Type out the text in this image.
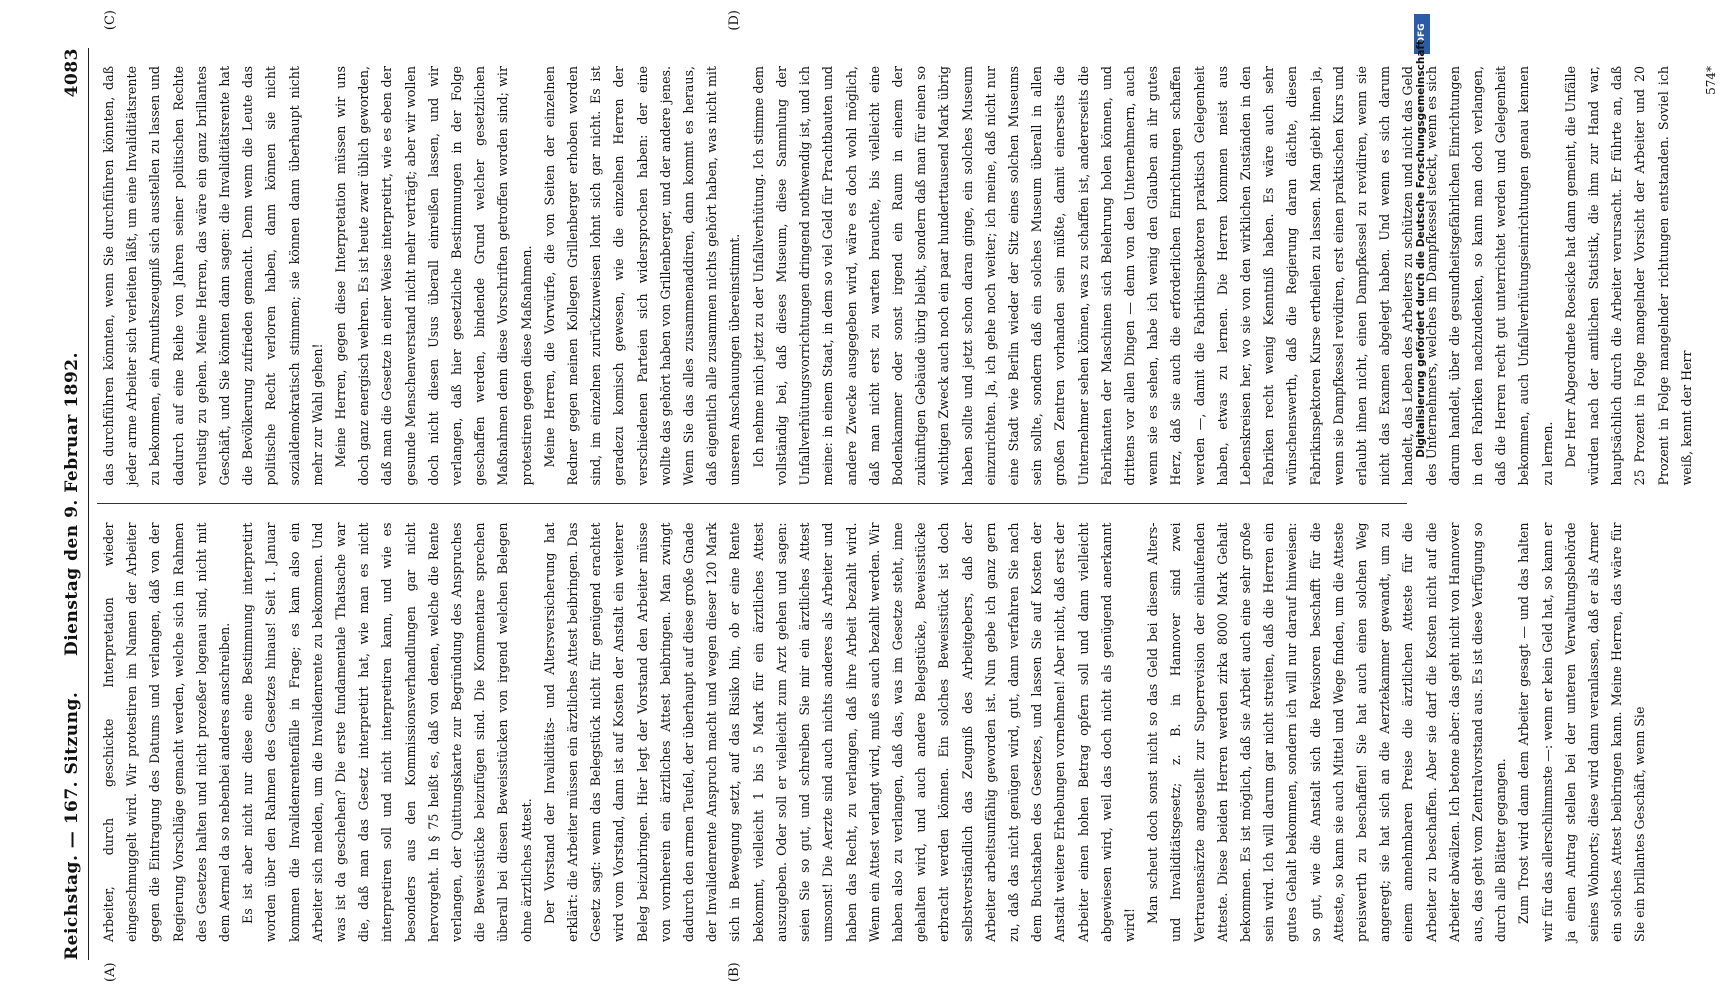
Reichstag. — 167. Sitzung.
Dienstag den 9. Februar 1892.
4083
(A)	(B)
(C)	(D)

Arbeiter, durch geschickte Interpretation wieder eingeschmuggelt wird. Wir protestiren im Namen der Arbeiter gegen die Eintragung des Datums und verlangen, daß von der Regierung Vorschläge gemacht werden, welche sich im Rahmen des Gesetzes halten und nicht prozeßer logenau sind, nicht mit dem Aermel da so nebenbei anderes anschreiben. Es ist aber nicht nur diese eine Bestimmung interpretirt worden über den Rahmen des Gesetzes hinaus! Seit 1. Januar kommen die Invalidenrentenfälle in Frage; es kam also ein Arbeiter sich melden, um die Invalidenrente zu bekommen. Und was ist da geschehen? Die erste fundamentale Thatsache war die, daß man das Gesetz interpretirt hat, wie man es nicht interpretiren soll und nicht interpretiren kann, und wie es besonders aus den Kommissionsverhandlungen gar nicht hervorgeht. In § 75 heißt es, daß von denen, welche die Rente verlangen, der Quittungskarte zur Begründung des Anspruches die Beweisstücke beizufügen sind. Die Kommentare sprechen überall bei diesen Beweisstücken von irgend welchen Belegen ohne ärztliches Attest. Der Vorstand der Invaliditäts- und Altersversicherung hat erklärt: die Arbeiter müssen ein ärztliches Attest beibringen. Das Gesetz sagt: wenn das Belegstück nicht für genügend erachtet wird vom Vorstand, dann ist auf Kosten der Anstalt ein weiterer Beleg beizubringen. Hier legt der Vorstand den Arbeiter müsse von vornherein ein ärztliches Attest beibringen. Man zwingt dadurch den armen Teufel, der überhaupt auf diese große Gnade der Invalidenrente Anspruch macht und wegen dieser 120 Mark sich in Bewegung setzt, auf das Risiko hin, ob er eine Rente bekommt, vielleicht 1 bis 5 Mark für ein ärztliches Attest auszugeben. Oder soll er vielleicht zum Arzt gehen und sagen: seien Sie so gut, und schreiben Sie mir ein ärztliches Attest umsonst! Die Aerzte sind auch nichts anderes als Arbeiter und haben das Recht, zu verlangen, daß ihre Arbeit bezahlt wird. Wenn ein Attest verlangt wird, muß es auch bezahlt werden. Wir haben also zu verlangen, daß das, was im Gesetze steht, inne gehalten wird, und auch andere Belegstücke, Beweisstücke erbracht werden können. Ein solches Beweisstück ist doch selbstverständlich das Zeugniß des Arbeitgebers, daß der Arbeiter arbeitsunfähig geworden ist. Nun gebe ich ganz gern zu, daß das nicht genügen wird, gut, dann verfahren Sie nach dem Buchstaben des Gesetzes, und lassen Sie auf Kosten der Anstalt weitere Erhebungen vornehmen! Aber nicht, daß erst der Arbeiter einen hohen Betrag opfern soll und dann vielleicht abgewiesen wird, weil das doch nicht als genügend anerkannt wird!

Man scheut doch sonst nicht so das Geld bei diesem Alters- und Invaliditätsgesetz; z. B. in Hannover sind zwei Vertrauensärzte angestellt zur Superrevision der einlaufenden Atteste. Diese beiden Herren werden zirka 8000 Mark Gehalt bekommen. Es ist möglich, daß sie Arbeit auch eine sehr große sein wird. Ich will darum gar nicht streiten, daß die Herren ein gutes Gehalt bekommen, sondern ich will nur darauf hinweisen: so gut, wie die Anstalt sich die Revisoren beschafft für die Atteste, so kann sie auch Mittel und Wege finden, um die Atteste preiswerth zu beschaffen! Sie hat auch einen solchen Weg angeregt; sie hat sich an die Aerztekammer gewandt, um zu einem annehmbaren Preise die ärztlichen Atteste für die Arbeiter zu beschaffen. Aber sie darf die Kosten nicht auf die Arbeiter abwälzen. Ich betone aber: das geht nicht von Hannover aus, das geht vom Zentralvorstand aus. Es ist diese Verfügung so durch alle Blätter gegangen. Zum Trost wird dann dem Arbeiter gesagt — und das halten wir für das allerschlimmste —: wenn er kein Geld hat, so kann er ja einen Antrag stellen bei der unteren Verwaltungsbehörde seines Wohnorts; diese wird dann veranlassen, daß er als Armer ein solches Attest beibringen kann. Meine Herren, das wäre für Sie ein brillantes Geschäft, wenn Sie

das durchführen könnten, wenn Sie durchführen könnten, daß jeder arme Arbeiter sich verleiten läßt, um eine Invaliditätsrente zu bekommen, ein Armuthszeugniß sich ausstellen zu lassen und dadurch auf eine Reihe von Jahren seiner politischen Rechte verlustig zu gehen. Meine Herren, das wäre ein ganz brillantes Geschäft, und Sie könnten dann sagen: die Invaliditätsrente hat die Bevölkerung zufrieden gemacht. Denn wenn die Leute das politische Recht verloren haben, dann können sie nicht sozialdemokratisch stimmen; sie können dann überhaupt nicht mehr zur Wahl gehen! Meine Herren, gegen diese Interpretation müssen wir uns doch ganz energisch wehren. Es ist heute zwar üblich geworden, daß man die Gesetze in einer Weise interpretirt, wie es eben der gesunde Menschenverstand nicht mehr verträgt; aber wir wollen doch nicht diesen Usus überall einreißen lassen, und wir verlangen, daß hier gesetzliche Bestimmungen in der Folge geschaffen werden, bindende Grund welcher gesetzlichen Maßnahmen denn diese Vorschriften getroffen worden sind; wir protestiren gegen diese Maßnahmen. Meine Herren, die Vorwürfe, die von Seiten der einzelnen Redner gegen meinen Kollegen Grillenberger erhoben worden sind, im einzelnen zurückzuweisen lohnt sich gar nicht. Es ist geradezu komisch gewesen, wie die einzelnen Herren der verschiedenen Parteien sich widersprochen haben: der eine wollte das gehört haben von Grillenberger, und der andere jenes. Wenn Sie das alles zusammenaddiren, dann kommt es heraus, daß eigentlich alle zusammen nichts gehört haben, was nicht mit unseren Anschauungen übereinstimmt. Ich nehme mich jetzt zu der Unfallverhütung. Ich stimme dem vollständig bei, daß dieses Museum, diese Sammlung der Unfallverhütungsvorrichtungen dringend nothwendig ist, und ich meine: in einem Staat, in dem so viel Geld für Prachtbauten und andere Zwecke ausgegeben wird, wäre es doch wohl möglich, daß man nicht erst zu warten brauchte, bis vielleicht eine Bodenkammer oder sonst irgend ein Raum in einem der zukünftigen Gebäude übrig bleibt, sondern daß man für einen so wichtigen Zweck auch noch ein paar hunderttausend Mark übrig haben sollte und jetzt schon daran ginge, ein solches Museum einzurichten. Ja, ich gehe noch weiter; ich meine, daß nicht nur eine Stadt wie Berlin wieder der Sitz eines solchen Museums sein sollte, sondern daß ein solches Museum überall in allen großen Zentren vorhanden sein müßte, damit einerseits die Unternehmer sehen können, was zu schaffen ist, andererseits die Fabrikanten der Maschinen sich Belehrung holen können, und drittens vor allen Dingen — denn von den Unternehmern, auch wenn sie es sehen, habe ich wenig den Glauben an ihr gutes Herz, daß sie auch die erforderlichen Einrichtungen schaffen werden —, damit die Fabrikinspektoren praktisch Gelegenheit haben, etwas zu lernen. Die Herren kommen meist aus Lebenskreisen her, wo sie von den wirklichen Zuständen in den Fabriken recht wenig Kenntniß haben. Es wäre auch sehr wünschenswerth, daß die Regierung daran dächte, diesen Fabrikinspektoren Kurse ertheilen zu lassen. Man giebt ihnen ja, wenn sie Dampfkessel revidiren, erst einen praktischen Kurs und erlaubt ihnen nicht, einen Dampfkessel zu revidiren, wenn sie nicht das Examen abgelegt haben. Und wenn es sich darum handelt, das Leben des Arbeiters zu schützen und nicht das Geld des Unternehmers, welches im Dampfkessel steckt, wenn es sich darum handelt, über die gesundheitsgefährlichen Einrichtungen in den Fabriken nachzudenken, so kann man doch verlangen, daß die Herren recht gut unterrichtet werden und Gelegenheit bekommen, auch Unfallverhütungseinrichtungen genau kennen zu lernen. Der Herr Abgeordnete Roesicke hat dann gemeint, die Unfälle würden nach der amtlichen Statistik, die ihm zur Hand war, hauptsächlich durch die Arbeiter verursacht. Er führte an, daß 25 Prozent in Folge mangelnder Vorsicht der Arbeiter und 20 Prozent in Folge mangelnder richtungen entstanden. Soviel ich weiß, kennt der Herr

574*
DFG
Digitalisierung gefördert durch die Deutsche Forschungsgemeinschaft
